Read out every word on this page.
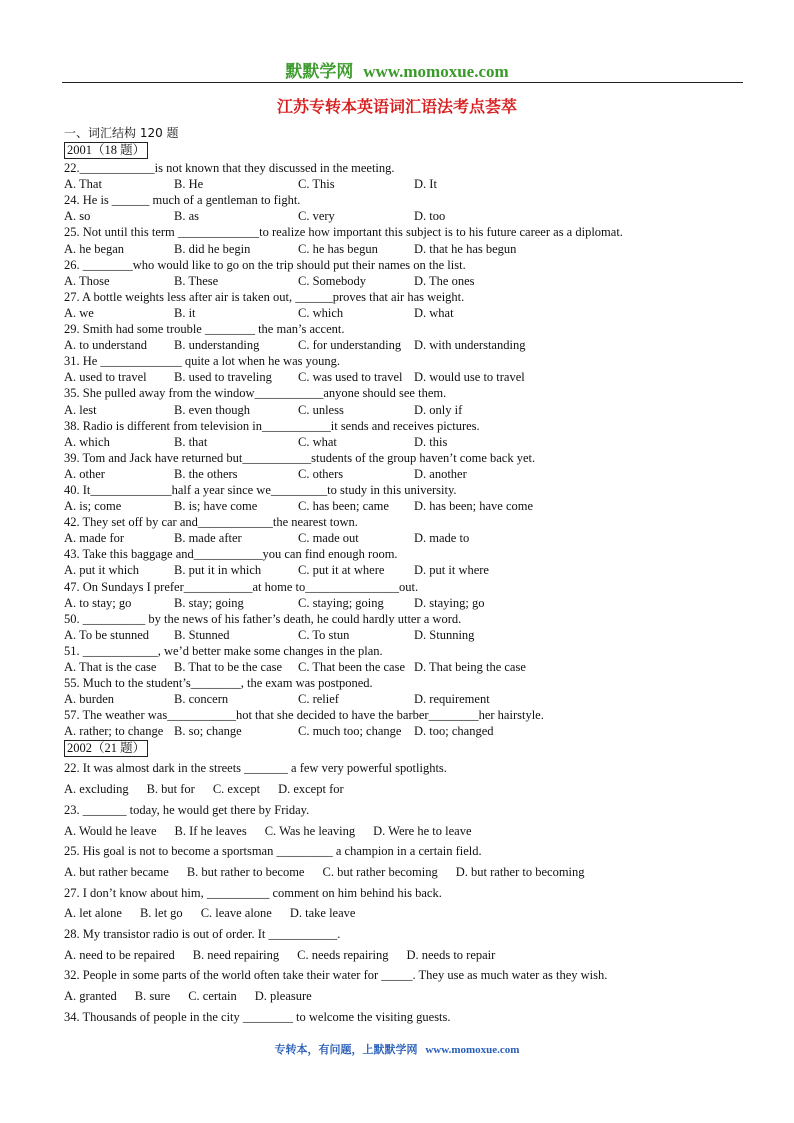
默默学网 www.momoxue.com
江苏专转本英语词汇语法考点荟萃
一、词汇结构 120 题
2001（18 题）
22.____________is not known that they discussed in the meeting.
A. That	B. He	C. This	D. It
24. He is ______ much of a gentleman to fight.
A. so	B. as	C. very	D. too
25. Not until this term _____________to realize how important this subject is to his future career as a diplomat.
A. he began	B. did he begin	C. he has begun	D. that he has begun
26. ________who would like to go on the trip should put their names on the list.
A. Those	B. These	C. Somebody	D. The ones
27. A bottle weights less after air is taken out, ______proves that air has weight.
A. we	B. it	C. which	D. what
29. Smith had some trouble ________ the man’s accent.
A. to understand B. understanding	C. for understanding D. with understanding
31. He _____________ quite a lot when he was young.
A. used to travel B. used to traveling C. was used to travel D. would use to travel
35. She pulled away from the window___________anyone should see them.
A. lest	B. even though	C. unless	D. only if
38. Radio is different from television in___________it sends and receives pictures.
A. which	B. that	C. what	D. this
39. Tom and Jack have returned but___________students of the group haven’t come back yet.
A. other	B. the others	C. others	D. another
40. It_____________half a year since we_________to study in this university.
A. is; come	B. is; have come	C. has been; came D. has been; have come
42. They set off by car and____________the nearest town.
A. made for	B. made after	C. made out	D. made to
43. Take this baggage and___________you can find enough room.
A. put it which	B. put it in which	C. put it at where D. put it where
47. On Sundays I prefer___________at home to_______________out.
A. to stay; go	B. stay; going	C. staying; going D. staying; go
50. __________ by the news of his father’s death, he could hardly utter a word.
A. To be stunned B. Stunned	C. To stun	D. Stunning
51. ____________, we’d better make some changes in the plan.
A. That is the case B. That to be the case C. That been the case D. That being the case
55. Much to the student’s________, the exam was postponed.
A. burden	B. concern	C. relief	D. requirement
57. The weather was___________hot that she decided to have the barber________her hairstyle.
A. rather; to change B. so; change	C. much too; change D. too; changed
2002（21 题）
22. It was almost dark in the streets _______ a few very powerful spotlights.
A. excluding B. but for C. except D. except for
23. _______ today, he would get there by Friday.
A. Would he leave B. If he leaves C. Was he leaving D. Were he to leave
25. His goal is not to become a sportsman _________ a champion in a certain field.
A. but rather became B. but rather to become C. but rather becoming D. but rather to becoming
27. I don’t know about him, __________ comment on him behind his back.
A. let alone B. let go C. leave alone D. take leave
28. My transistor radio is out of order. It ___________.
A. need to be repaired B. need repairing C. needs repairing D. needs to repair
32. People in some parts of the world often take their water for _____. They use as much water as they wish.
A. granted B. sure C. certain D. pleasure
34. Thousands of people in the city ________ to welcome the visiting guests.
专转本，有问题，上默默学网 www.momoxue.com
